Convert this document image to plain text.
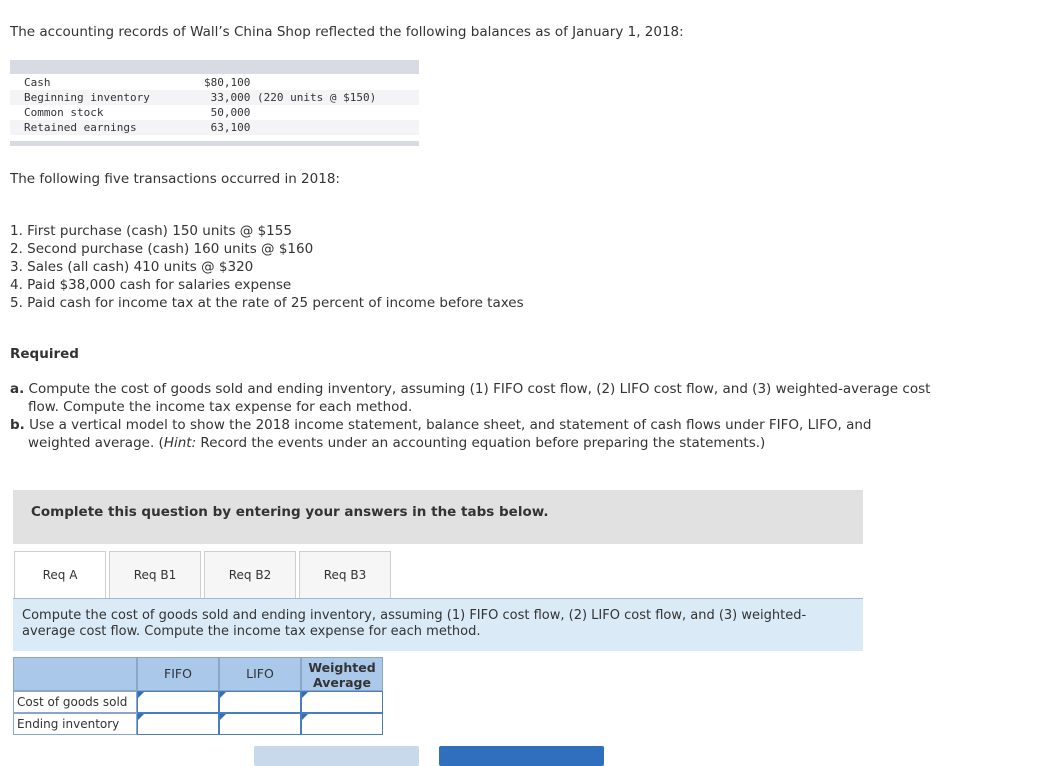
The accounting records of Wall’s China Shop reflected the following balances as of January 1, 2018:
Cash	$80,100
Beginning inventory	33,000 (220 units @ $150)
Common stock	50,000
Retained earnings	63,100
The following five transactions occurred in 2018:
1. First purchase (cash) 150 units @ $155
2. Second purchase (cash) 160 units @ $160
3. Sales (all cash) 410 units @ $320
4. Paid $38,000 cash for salaries expense
5. Paid cash for income tax at the rate of 25 percent of income before taxes
Required
a. Compute the cost of goods sold and ending inventory, assuming (1) FIFO cost flow, (2) LIFO cost flow, and (3) weighted-average cost
flow. Compute the income tax expense for each method.
b. Use a vertical model to show the 2018 income statement, balance sheet, and statement of cash flows under FIFO, LIFO, and
weighted average. (Hint: Record the events under an accounting equation before preparing the statements.)
Complete this question by entering your answers in the tabs below.
Req A	Req B1	Req B2	Req B3
Compute the cost of goods sold and ending inventory, assuming (1) FIFO cost flow, (2) LIFO cost flow, and (3) weighted-average cost flow. Compute the income tax expense for each method.
FIFO	LIFO	Weighted Average
Cost of goods sold
Ending inventory
